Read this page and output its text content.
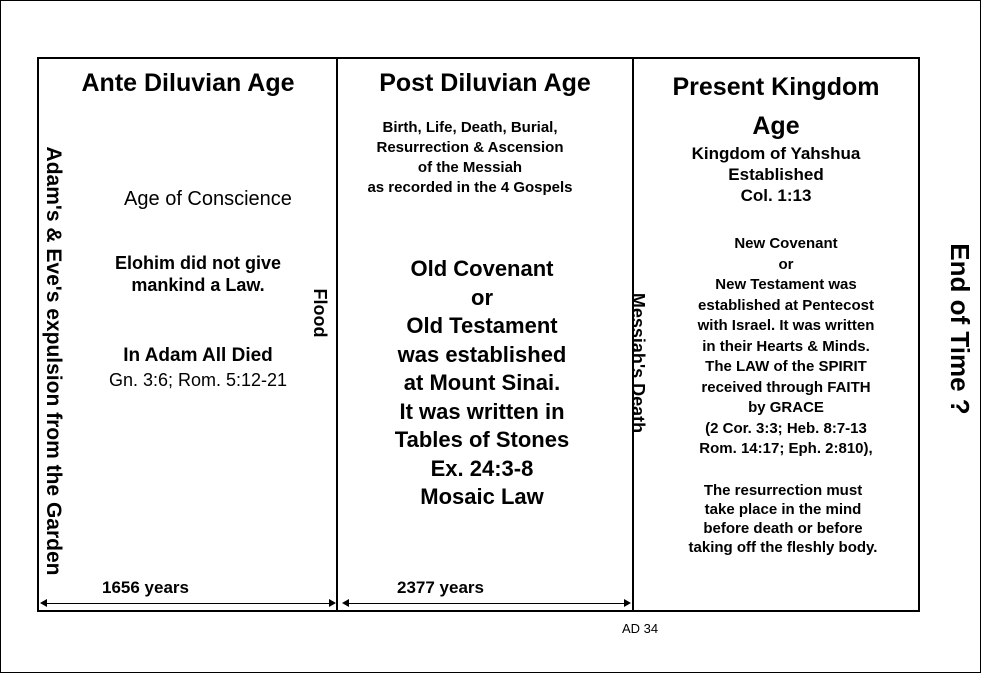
Ante Diluvian Age
Age of Conscience
Elohim did not give
mankind a Law.
In Adam All Died
Gn. 3:6; Rom. 5:12-21
1656 years
Adam's & Eve's expulsion from the Garden	Flood
Post Diluvian Age
Birth, Life, Death, Burial,
Resurrection & Ascension
of the Messiah
as recorded in the 4 Gospels
Old Covenant
or
Old Testament
was established
at Mount Sinai.
It was written in
Tables of Stones
Ex. 24:3-8
Mosaic Law
2377 years
Messiah's Death
Present Kingdom
Age
Kingdom of Yahshua
Established
Col. 1:13
New Covenant
or
New Testament was
established at Pentecost
with Israel. It was written
in their Hearts & Minds.
The LAW of the SPIRIT
received through FAITH
by GRACE
(2 Cor. 3:3; Heb. 8:7-13
Rom. 14:17; Eph. 2:810),
The resurrection must
take place in the mind
before death or before
taking off the fleshly body.
End of Time ?
AD 34
